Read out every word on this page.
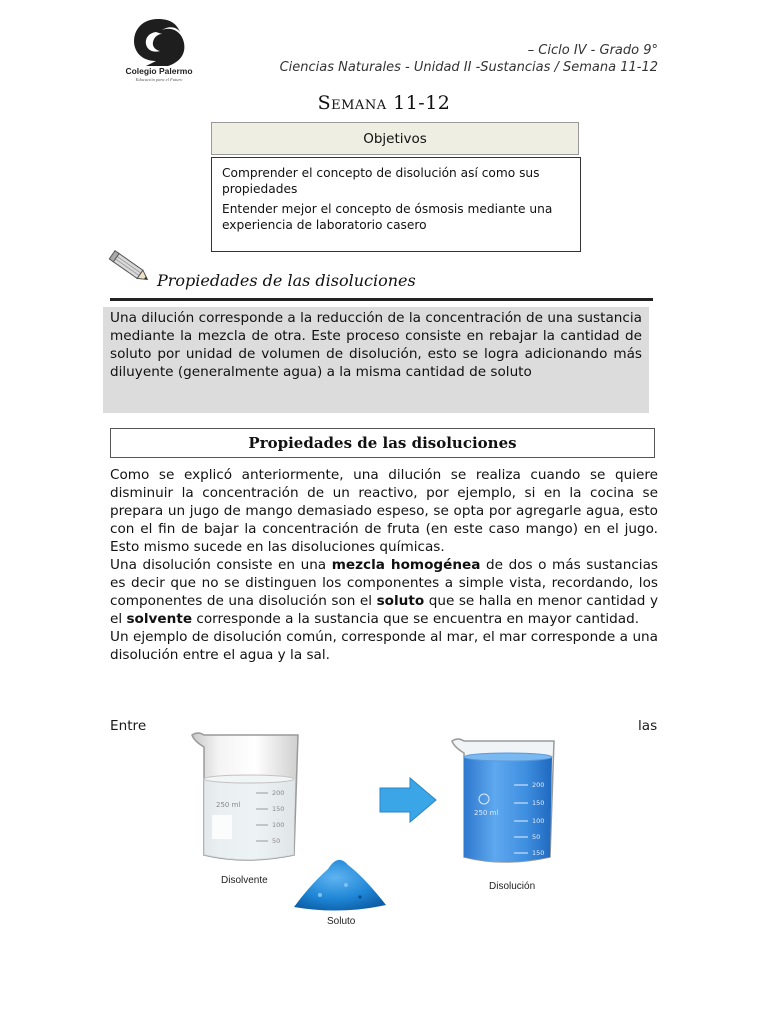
Colegio Palermo
Educación para el Futuro
– Ciclo IV - Grado 9°
Ciencias Naturales - Unidad II -Sustancias / Semana 11-12
Semana 11-12
Objetivos

Comprender el concepto de disolución así como sus propiedades

Entender mejor el concepto de ósmosis mediante una experiencia de laboratorio casero

Propiedades de las disoluciones
Una dilución corresponde a la reducción de la concentración de una sustancia mediante la mezcla de otra. Este proceso consiste en rebajar la cantidad de soluto por unidad de volumen de disolución, esto se logra adicionando más diluyente (generalmente agua) a la misma cantidad de soluto
Propiedades de las disoluciones

Como se explicó anteriormente, una dilución se realiza cuando se quiere disminuir la concentración de un reactivo, por ejemplo, si en la cocina se prepara un jugo de mango demasiado espeso, se opta por agregarle agua, esto con el fin de bajar la concentración de fruta (en este caso mango) en el jugo. Esto mismo sucede en las disoluciones químicas.

Una disolución consiste en una mezcla homogénea de dos o más sustancias es decir que no se distinguen los componentes a simple vista, recordando, los componentes de una disolución son el soluto que se halla en menor cantidad y el solvente corresponde a la sustancia que se encuentra en mayor cantidad.

Un ejemplo de disolución común, corresponde al mar, el mar corresponde a una disolución entre el agua y la sal.

Entre	las
250 ml
200
150
100
50
250 ml
200
150
100
50
150
Disolvente
Soluto
Disolución
